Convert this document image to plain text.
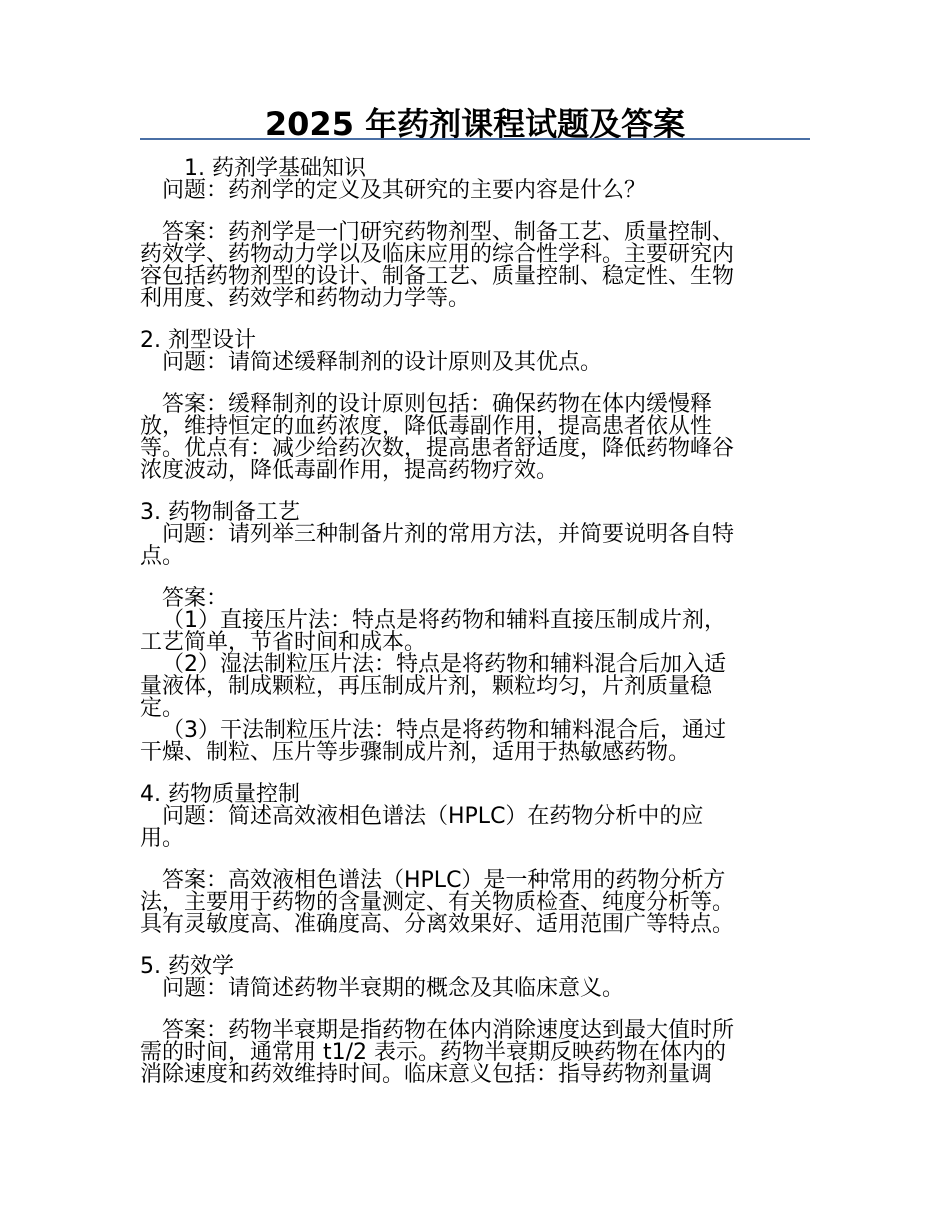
2025 年药剂课程试题及答案
1. 药剂学基础知识
问题：药剂学的定义及其研究的主要内容是什么？
答案：药剂学是一门研究药物剂型、制备工艺、质量控制、
药效学、药物动力学以及临床应用的综合性学科。主要研究内
容包括药物剂型的设计、制备工艺、质量控制、稳定性、生物
利用度、药效学和药物动力学等。
2. 剂型设计
问题：请简述缓释制剂的设计原则及其优点。
答案：缓释制剂的设计原则包括：确保药物在体内缓慢释
放，维持恒定的血药浓度，降低毒副作用，提高患者依从性
等。优点有：减少给药次数，提高患者舒适度，降低药物峰谷
浓度波动，降低毒副作用，提高药物疗效。
3. 药物制备工艺
问题：请列举三种制备片剂的常用方法，并简要说明各自特
点。
答案：
（1）直接压片法：特点是将药物和辅料直接压制成片剂，
工艺简单，节省时间和成本。
（2）湿法制粒压片法：特点是将药物和辅料混合后加入适
量液体，制成颗粒，再压制成片剂，颗粒均匀，片剂质量稳
定。
（3）干法制粒压片法：特点是将药物和辅料混合后，通过
干燥、制粒、压片等步骤制成片剂，适用于热敏感药物。
4. 药物质量控制
问题：简述高效液相色谱法（HPLC）在药物分析中的应
用。
答案：高效液相色谱法（HPLC）是一种常用的药物分析方
法，主要用于药物的含量测定、有关物质检查、纯度分析等。
具有灵敏度高、准确度高、分离效果好、适用范围广等特点。
5. 药效学
问题：请简述药物半衰期的概念及其临床意义。
答案：药物半衰期是指药物在体内消除速度达到最大值时所
需的时间，通常用 t1/2 表示。药物半衰期反映药物在体内的
消除速度和药效维持时间。临床意义包括：指导药物剂量调
